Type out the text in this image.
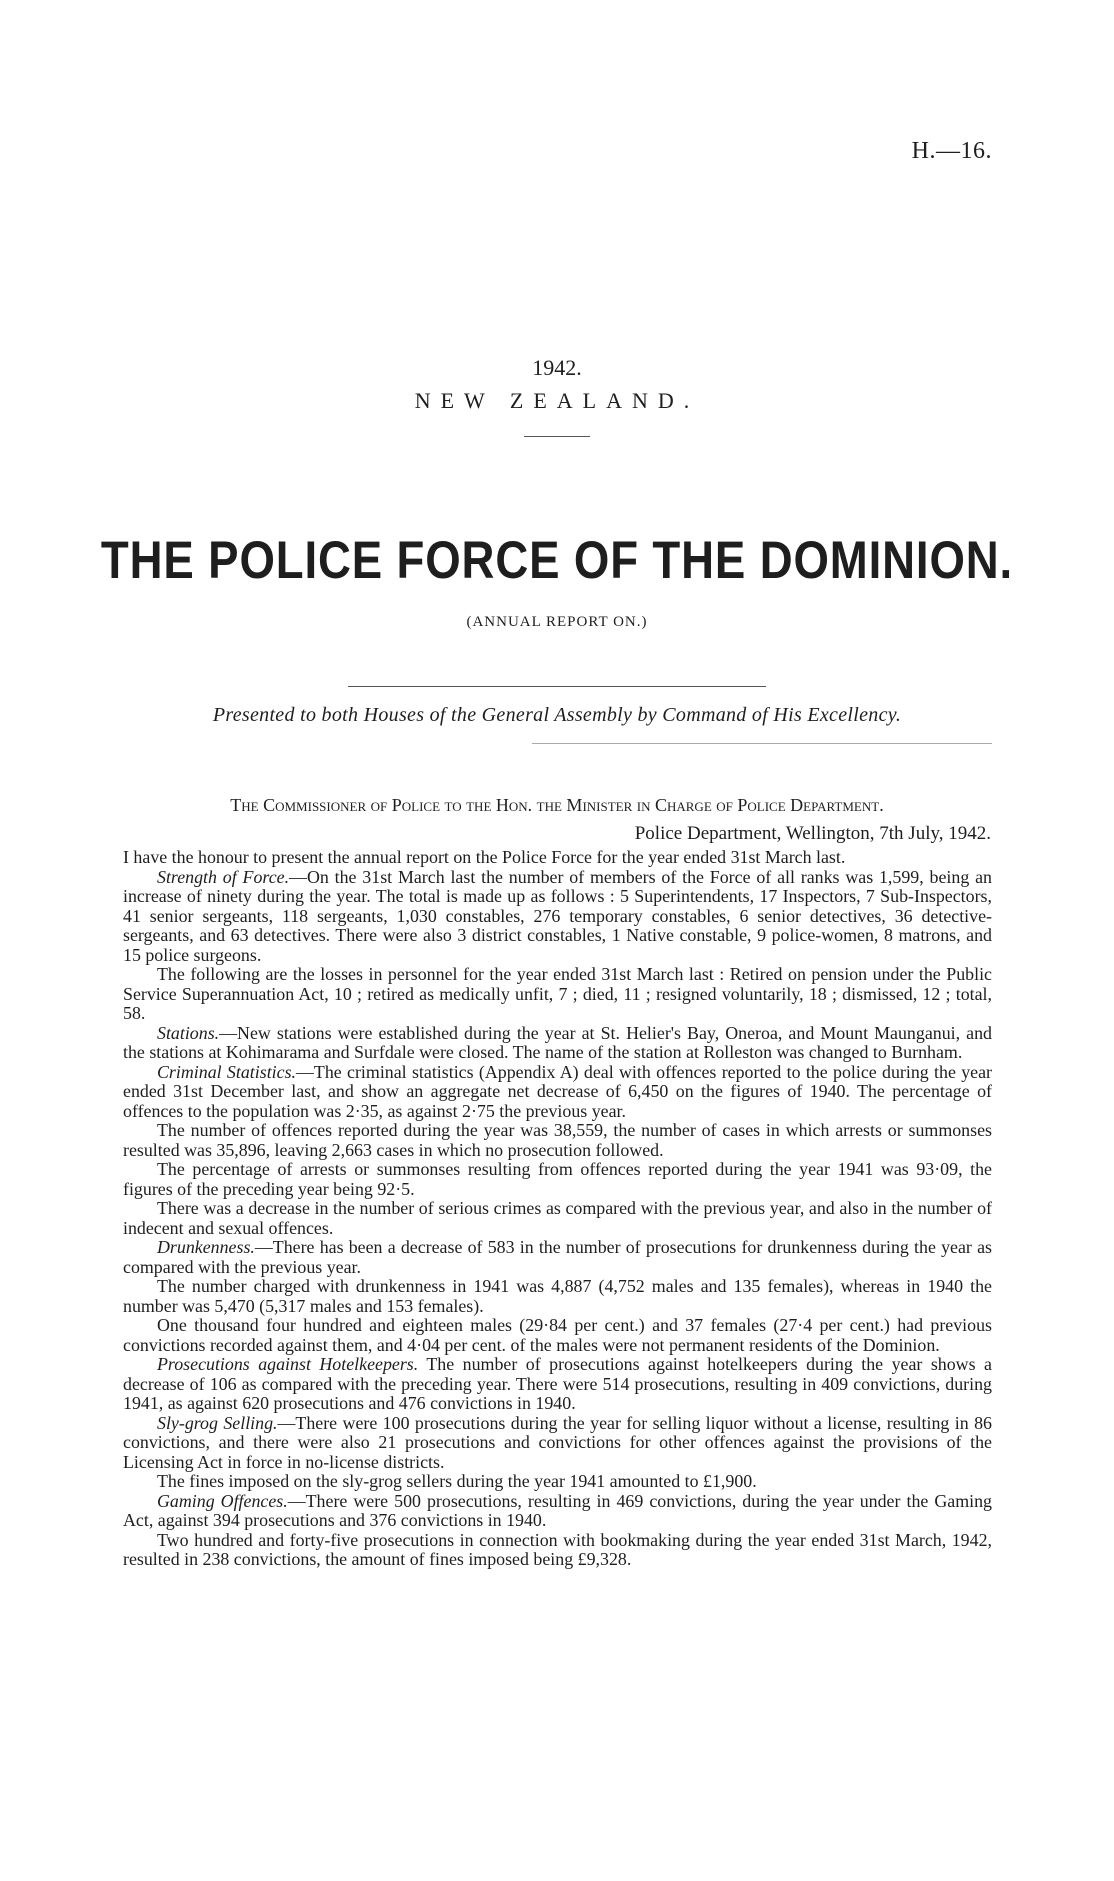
H.—16.
1942.
NEW ZEALAND.
THE POLICE FORCE OF THE DOMINION.
(ANNUAL REPORT ON.)
Presented to both Houses of the General Assembly by Command of His Excellency.
The Commissioner of Police to the Hon. the Minister in Charge of Police Department.
Police Department, Wellington, 7th July, 1942.

I have the honour to present the annual report on the Police Force for the year ended 31st March last.

Strength of Force.—On the 31st March last the number of members of the Force of all ranks was 1,599, being an increase of ninety during the year. The total is made up as follows : 5 Superintendents, 17 Inspectors, 7 Sub-Inspectors, 41 senior sergeants, 118 sergeants, 1,030 constables, 276 temporary constables, 6 senior detectives, 36 detective-sergeants, and 63 detectives. There were also 3 district constables, 1 Native constable, 9 police-women, 8 matrons, and 15 police surgeons.

The following are the losses in personnel for the year ended 31st March last : Retired on pension under the Public Service Superannuation Act, 10 ; retired as medically unfit, 7 ; died, 11 ; resigned voluntarily, 18 ; dismissed, 12 ; total, 58.

Stations.—New stations were established during the year at St. Helier's Bay, Oneroa, and Mount Maunganui, and the stations at Kohimarama and Surfdale were closed. The name of the station at Rolleston was changed to Burnham.

Criminal Statistics.—The criminal statistics (Appendix A) deal with offences reported to the police during the year ended 31st December last, and show an aggregate net decrease of 6,450 on the figures of 1940. The percentage of offences to the population was 2·35, as against 2·75 the previous year.

The number of offences reported during the year was 38,559, the number of cases in which arrests or summonses resulted was 35,896, leaving 2,663 cases in which no prosecution followed.

The percentage of arrests or summonses resulting from offences reported during the year 1941 was 93·09, the figures of the preceding year being 92·5.

There was a decrease in the number of serious crimes as compared with the previous year, and also in the number of indecent and sexual offences.

Drunkenness.—There has been a decrease of 583 in the number of prosecutions for drunkenness during the year as compared with the previous year.

The number charged with drunkenness in 1941 was 4,887 (4,752 males and 135 females), whereas in 1940 the number was 5,470 (5,317 males and 153 females).

One thousand four hundred and eighteen males (29·84 per cent.) and 37 females (27·4 per cent.) had previous convictions recorded against them, and 4·04 per cent. of the males were not permanent residents of the Dominion.

Prosecutions against Hotelkeepers. The number of prosecutions against hotelkeepers during the year shows a decrease of 106 as compared with the preceding year. There were 514 prosecutions, resulting in 409 convictions, during 1941, as against 620 prosecutions and 476 convictions in 1940.

Sly-grog Selling.—There were 100 prosecutions during the year for selling liquor without a license, resulting in 86 convictions, and there were also 21 prosecutions and convictions for other offences against the provisions of the Licensing Act in force in no-license districts.

The fines imposed on the sly-grog sellers during the year 1941 amounted to £1,900.

Gaming Offences.—There were 500 prosecutions, resulting in 469 convictions, during the year under the Gaming Act, against 394 prosecutions and 376 convictions in 1940.

Two hundred and forty-five prosecutions in connection with bookmaking during the year ended 31st March, 1942, resulted in 238 convictions, the amount of fines imposed being £9,328.
